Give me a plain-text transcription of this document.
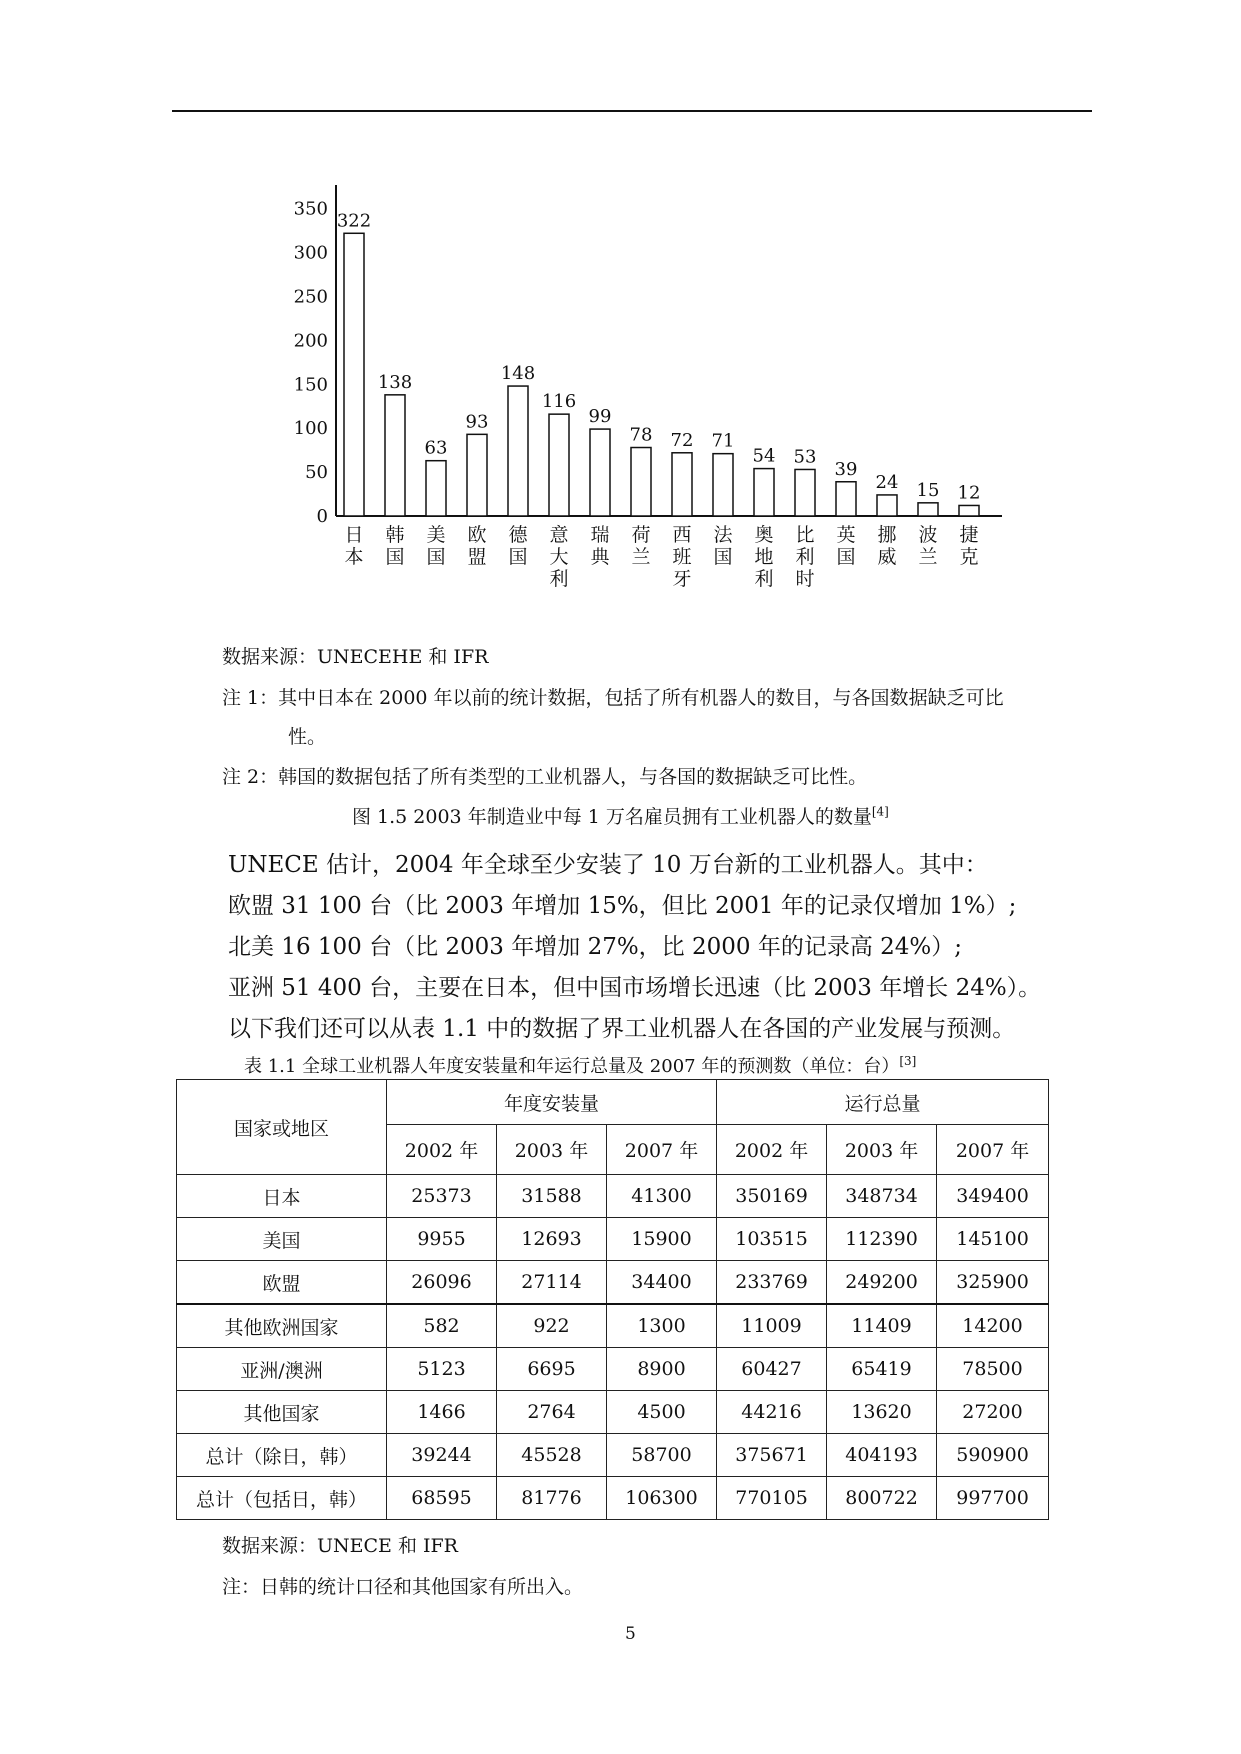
0
50
100
150
200
250
300
350
322
日本
138
韩国
63
美国
93
欧盟
148
德国
116
意大利
99
瑞典
78
荷兰
72
西班牙
71
法国
54
奥地利
53
比利时
39
英国
24
挪威
15
波兰
12
捷克

数据来源：UNECEHE 和 IFR

注 1：其中日本在 2000 年以前的统计数据，包括了所有机器人的数目，与各国数据缺乏可比

性。

注 2：韩国的数据包括了所有类型的工业机器人，与各国的数据缺乏可比性。

图 1.5 2003 年制造业中每 1 万名雇员拥有工业机器人的数量[4]

UNECE 估计，2004 年全球至少安装了 10 万台新的工业机器人。其中：

欧盟 31 100 台（比 2003 年增加 15%，但比 2001 年的记录仅增加 1%）;

北美 16 100 台（比 2003 年增加 27%，比 2000 年的记录高 24%）;

亚洲 51 400 台，主要在日本，但中国市场增长迅速（比 2003 年增长 24%）。

以下我们还可以从表 1.1 中的数据了界工业机器人在各国的产业发展与预测。

表 1.1 全球工业机器人年度安装量和年运行总量及 2007 年的预测数（单位：台）[3]

国家或地区	年度安装量			运行总量		
	2002 年	2003 年	2007 年	2002 年	2003 年	2007 年
日本	25373	31588	41300	350169	348734	349400
美国	9955	12693	15900	103515	112390	145100
欧盟	26096	27114	34400	233769	249200	325900
其他欧洲国家	582	922	1300	11009	11409	14200
亚洲/澳洲	5123	6695	8900	60427	65419	78500
其他国家	1466	2764	4500	44216	13620	27200
总计（除日，韩）	39244	45528	58700	375671	404193	590900
总计（包括日，韩）	68595	81776	106300	770105	800722	997700

数据来源：UNECE 和 IFR

注：日韩的统计口径和其他国家有所出入。

5
